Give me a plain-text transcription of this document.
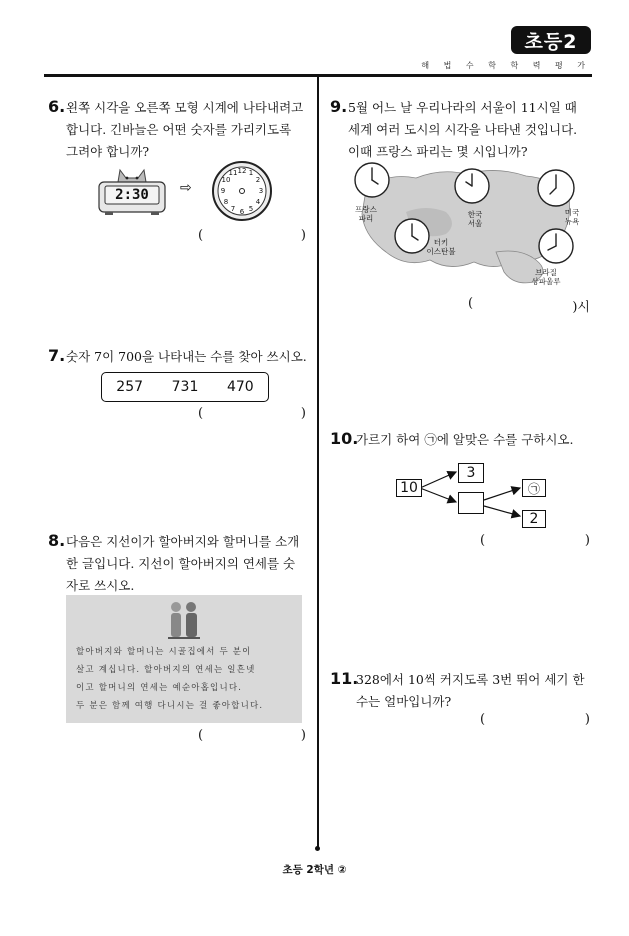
초등2
해 법 수 학 학 력 평 가
6. 왼쪽 시각을 오른쪽 모형 시계에 나타내려고 합니다. 긴바늘은 어떤 숫자를 가리키도록 그려야 합니까?
2:30	⇨
12 1
2
3
4
5
6
7
8
9
10
11
(	)
7. 숫자 7이 700을 나타내는 수를 찾아 쓰시오.
257 731 470
(	)
8. 다음은 지선이가 할아버지와 할머니를 소개한 글입니다. 지선이 할아버지의 연세를 숫자로 쓰시오.
할아버지와 할머니는 시골집에서 두 분이
살고 계십니다. 할아버지의 연세는 일흔넷
이고 할머니의 연세는 예순아홉입니다.
두 분은 함께 여행 다니시는 걸 좋아합니다.
(	)
9. 5월 어느 날 우리나라의 서울이 11시일 때 세계 여러 도시의 시각을 나타낸 것입니다. 이때 프랑스 파리는 몇 시입니까?
프랑스
파리	한국
서울
미국
뉴욕
터키
이스탄불
브라질
상파울루
(	)시
10.
가르기 하여 ㉠에 알맞은 수를 구하시오.
10
3
㉠
2
(	)
11.
328에서 10씩 커지도록 3번 뛰어 세기 한 수는 얼마입니까?
(	)
초등 2학년 ②
